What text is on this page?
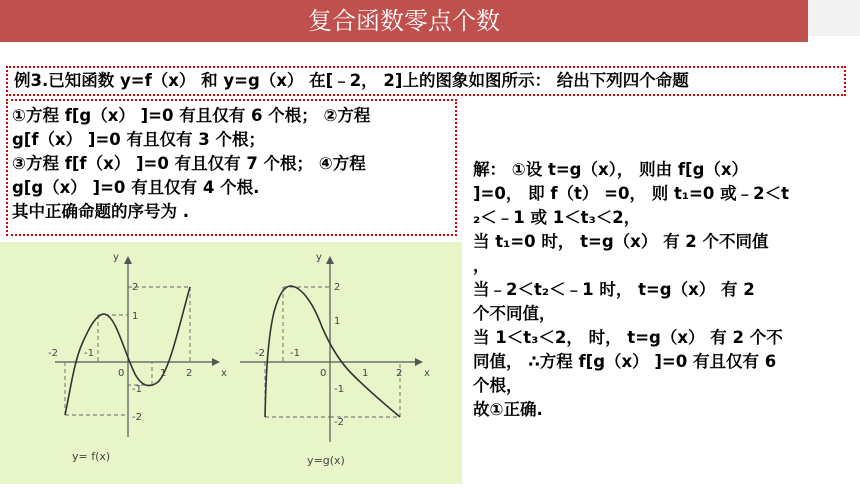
复合函数零点个数
例3.已知函数 y=f（x） 和 y=g（x） 在[﹣2， 2]上的图象如图所示： 给出下列四个命题
①方程 f[g（x） ]=0 有且仅有 6 个根； ②方程
g[f（x） ]=0 有且仅有 3 个根；
③方程 f[f（x） ]=0 有且仅有 7 个根； ④方程
g[g（x） ]=0 有且仅有 4 个根.
其中正确命题的序号为 .
y
x
0
-2	-1
1 2
2
1
-1
-2
y= f(x)
y
x
0
-2	-1
1	2
2
1
-1
-2
y=g(x)
解： ①设 t=g（x）， 则由 f[g（x）
]=0， 即 f（t） =0， 则 t₁=0 或﹣2＜t
₂＜﹣1 或 1＜t₃＜2，
当 t₁=0 时， t=g（x） 有 2 个不同值
，
当﹣2＜t₂＜﹣1 时， t=g（x） 有 2
个不同值，
当 1＜t₃＜2， 时， t=g（x） 有 2 个不
同值， ∴方程 f[g（x） ]=0 有且仅有 6
个根，
故①正确.
